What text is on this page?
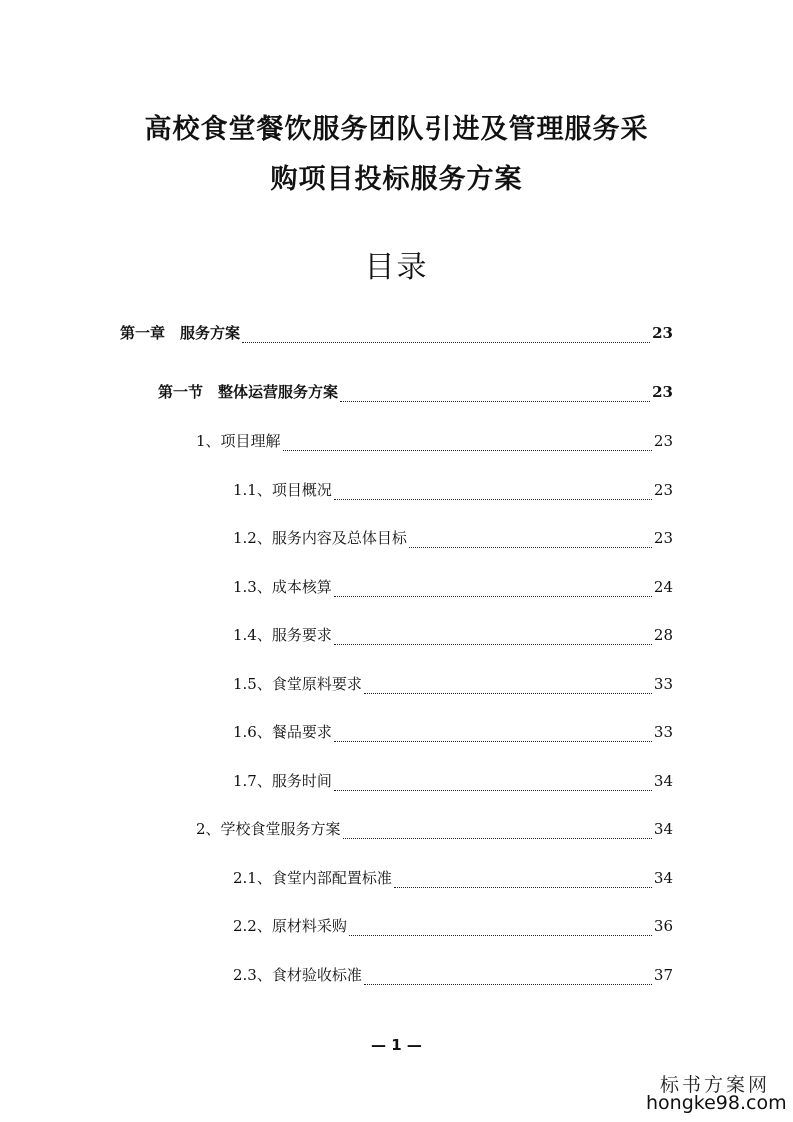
高校食堂餐饮服务团队引进及管理服务采
购项目投标服务方案
目录
第一章　服务方案	23
第一节　整体运营服务方案	23
1、项目理解	23
1.1、项目概况	23
1.2、服务内容及总体目标	23
1.3、成本核算	24
1.4、服务要求	28
1.5、食堂原料要求	33
1.6、餐品要求	33
1.7、服务时间	34
2、学校食堂服务方案	34
2.1、食堂内部配置标准	34
2.2、原材料采购	36
2.3、食材验收标准	37
— 1 —
标书方案网
hongke98.com
